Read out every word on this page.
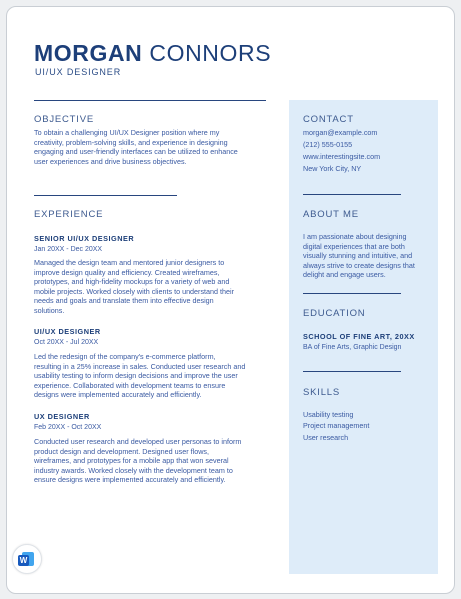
MORGAN CONNORS
UI/UX DESIGNER
OBJECTIVE
To obtain a challenging UI/UX Designer position where my
creativity, problem-solving skills, and experience in designing
engaging and user-friendly interfaces can be utilized to enhance
user experiences and drive business objectives.
EXPERIENCE
SENIOR UI/UX DESIGNER
Jan 20XX - Dec 20XX
Managed the design team and mentored junior designers to
improve design quality and efficiency. Created wireframes,
prototypes, and high-fidelity mockups for a variety of web and
mobile projects. Worked closely with clients to understand their
needs and goals and translate them into effective design
solutions.
UI/UX DESIGNER
Oct 20XX - Jul 20XX
Led the redesign of the company's e-commerce platform,
resulting in a 25% increase in sales. Conducted user research and
usability testing to inform design decisions and improve the user
experience. Collaborated with development teams to ensure
designs were implemented accurately and efficiently.
UX DESIGNER
Feb 20XX - Oct 20XX
Conducted user research and developed user personas to inform
product design and development. Designed user flows,
wireframes, and prototypes for a mobile app that won several
industry awards. Worked closely with the development team to
ensure designs were implemented accurately and efficiently.
CONTACT
morgan@example.com
(212) 555-0155
www.interestingsite.com
New York City, NY
ABOUT ME
I am passionate about designing
digital experiences that are both
visually stunning and intuitive, and
always strive to create designs that
delight and engage users.
EDUCATION
SCHOOL OF FINE ART, 20XX
BA of Fine Arts, Graphic Design
SKILLS
Usability testing
Project management
User research
W
